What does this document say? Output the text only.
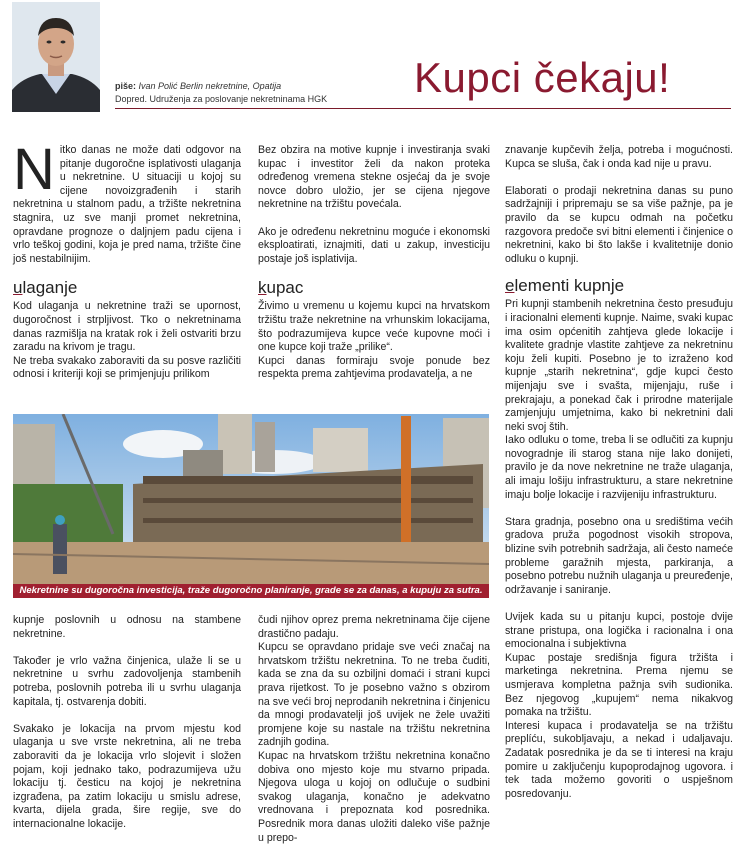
piše: Ivan Polić Berlin nekretnine, Opatija
Dopred. Udruženja za poslovanje nekretninama HGK Kupci čekaju!

Nitko danas ne može dati odgovor na pitanje dugoročne isplativosti ulaganja u nekretnine. U situaciji u kojoj su cijene novoizgrađenih i starih nekretnina u stalnom padu, a tržište nekretnina stagnira, uz sve manji promet nekretnina, opravdane prognoze o daljnjem padu cijena i vrlo teškoj godini, koja je pred nama, tržište čine još nestabilnijim.

ulaganje

Kod ulaganja u nekretnine traži se upornost, dugoročnost i strpljivost. Tko o nekretninama danas razmišlja na kratak rok i želi ostvariti brzu zaradu na krivom je tragu.

Ne treba svakako zaboraviti da su posve različiti odnosi i kriteriji koji se primjenjuju prilikom

Bez obzira na motive kupnje i investiranja svaki kupac i investitor želi da nakon proteka određenog vremena stekne osjećaj da je svoje novce dobro uložio, jer se cijena njegove nekretnine na tržištu povećala.

Ako je određenu nekretninu moguće i ekonomski eksploatirati, iznajmiti, dati u zakup, investiciju postaje još isplativija.

kupac

Živimo u vremenu u kojemu kupci na hrvatskom tržištu traže nekretnine na vrhunskim lokacijama, što podrazumijeva kupce veće kupovne moći i one kupce koji traže „prilike“.

Kupci danas formiraju svoje ponude bez respekta prema zahtjevima prodavatelja, a ne

znavanje kupčevih želja, potreba i mogućnosti. Kupca se sluša, čak i onda kad nije u pravu.

Elaborati o prodaji nekretnina danas su puno sadržajniji i pripremaju se sa više pažnje, pa je pravilo da se kupcu odmah na početku razgovora predoče svi bitni elementi i činjenice o nekretnini, kako bi što lakše i kvalitetnije donio odluku o kupnji.

elementi kupnje

Pri kupnji stambenih nekretnina često presuđuju i iracionalni elementi kupnje. Naime, svaki kupac ima osim općenitih zahtjeva glede lokacije i kvalitete gradnje vlastite zahtjeve za nekretninu koju želi kupiti. Posebno je to izraženo kod kupnje „starih nekretnina“, gdje kupci često mijenjaju sve i svašta, mijenjaju, ruše i prekrajaju, a ponekad čak i prirodne materijale zamjenjuju umjetnima, kako bi nekretnini dali neki svoj štih.

Iako odluku o tome, treba li se odlučiti za kupnju novogradnje ili starog stana nije lako donijeti, pravilo je da nove nekretnine ne traže ulaganja, ali imaju lošiju infrastrukturu, a stare nekretnine imaju bolje lokacije i razvijeniju infrastrukturu.

Stara gradnja, posebno ona u središtima većih gradova pruža pogodnost visokih stropova, blizine svih potrebnih sadržaja, ali često nameće probleme garažnih mjesta, parkiranja, a posebno potrebu nužnih ulaganja u preuređenje, održavanje i saniranje.

Uvijek kada su u pitanju kupci, postoje dvije strane pristupa, ona logička i racionalna i ona emocionalna i subjektivna

Kupac postaje središnja figura tržišta i marketinga nekretnina. Prema njemu se usmjerava kompletna pažnja svih sudionika. Bez njegovog „kupujem“ nema nikakvog pomaka na tržištu.

Interesi kupaca i prodavatelja se na tržištu preplíću, sukobljavaju, a nekad i udaljavaju. Zadatak posrednika je da se ti interesi na kraju pomire u zaključenju kupoprodajnog ugovora. i tek tada možemo govoriti o uspješnom posredovanju.

Nekretnine su dugoročna investicija, traže dugoročno planiranje, grade se za danas, a kupuju za sutra.

kupnje poslovnih u odnosu na stambene nekretnine.

Također je vrlo važna činjenica, ulaže li se u nekretnine u svrhu zadovoljenja stambenih potreba, poslovnih potreba ili u svrhu ulaganja kapitala, tj. ostvarenja dobiti.

Svakako je lokacija na prvom mjestu kod ulaganja u sve vrste nekretnina, ali ne treba zaboraviti da je lokacija vrlo slojevit i složen pojam, koji jednako tako, podrazumijeva užu lokaciju tj. česticu na kojoj je nekretnina izgrađena, pa zatim lokaciju u smislu adrese, kvarta, dijela grada, šire regije, sve do internacionalne lokacije.

čudi njihov oprez prema nekretninama čije cijene drastično padaju.

Kupcu se opravdano pridaje sve veći značaj na hrvatskom tržištu nekretnina. To ne treba čuditi, kada se zna da su ozbiljni domaći i strani kupci prava rijetkost. To je posebno važno s obzirom na sve veći broj neprodanih nekretnina i činjenicu da mnogi prodavatelji još uvijek ne žele uvažiti promjene koje su nastale na tržištu nekretnina zadnjih godina.

Kupac na hrvatskom tržištu nekretnina konačno dobiva ono mjesto koje mu stvarno pripada. Njegova uloga u kojoj on odlučuje o sudbini svakog ulaganja, konačno je adekvatno vrednovana i prepoznata kod posrednika. Posrednik mora danas uložiti daleko više pažnje u prepo-
